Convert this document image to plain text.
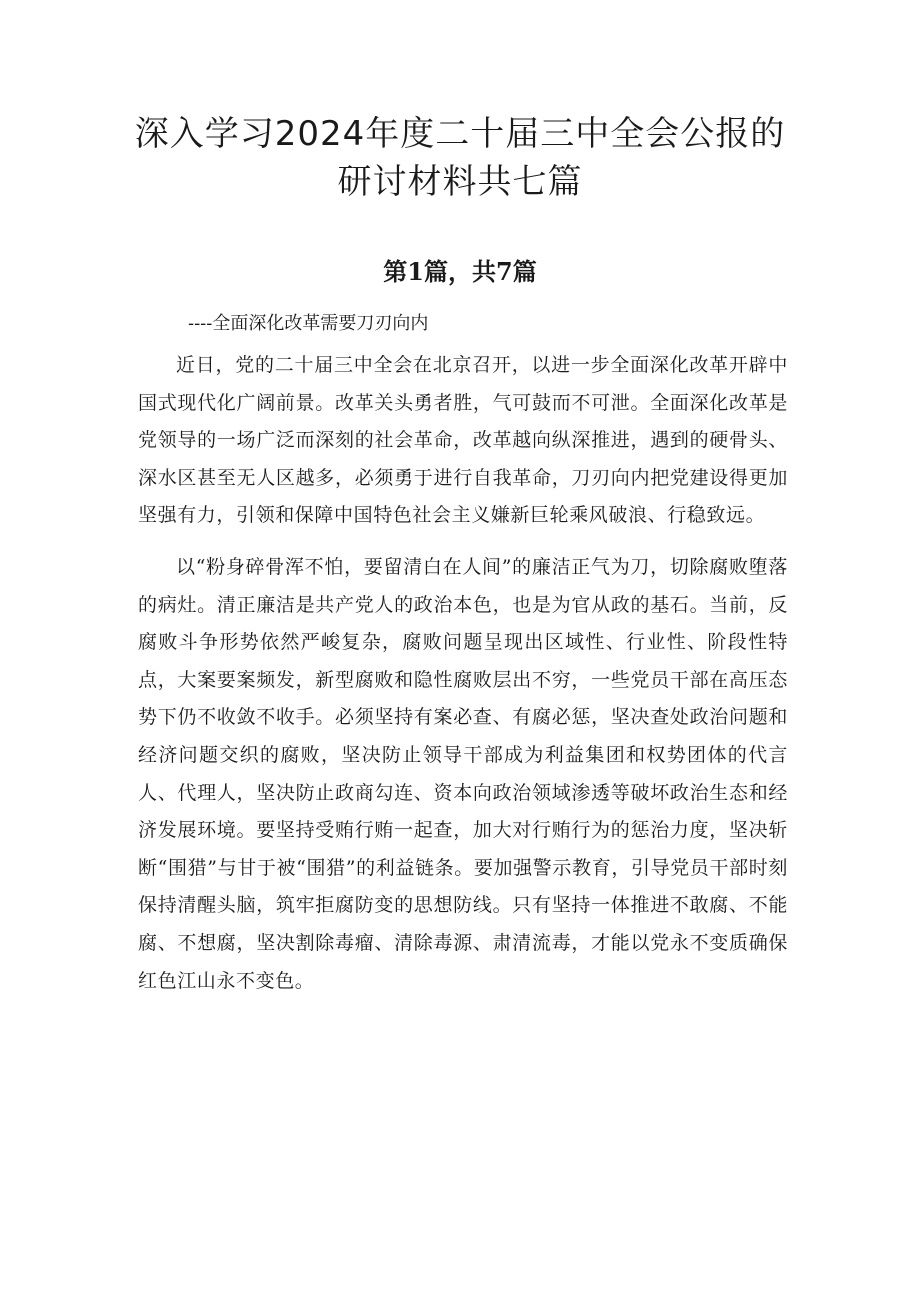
深入学习2024年度二十届三中全会公报的
研讨材料共七篇
第1篇，共7篇

----全面深化改革需要刀刃向内

近日，党的二十届三中全会在北京召开，以进一步全面深化改革开辟中国式现代化广阔前景。改革关头勇者胜，气可鼓而不可泄。全面深化改革是党领导的一场广泛而深刻的社会革命，改革越向纵深推进，遇到的硬骨头、深水区甚至无人区越多，必须勇于进行自我革命，刀刃向内把党建设得更加坚强有力，引领和保障中国特色社会主义嫌新巨轮乘风破浪、行稳致远。

以“粉身碎骨浑不怕，要留清白在人间”的廉洁正气为刀，切除腐败堕落的病灶。清正廉洁是共产党人的政治本色，也是为官从政的基石。当前，反腐败斗争形势依然严峻复杂，腐败问题呈现出区域性、行业性、阶段性特点，大案要案频发，新型腐败和隐性腐败层出不穷，一些党员干部在高压态势下仍不收敛不收手。必须坚持有案必查、有腐必惩，坚决查处政治问题和经济问题交织的腐败，坚决防止领导干部成为利益集团和权势团体的代言人、代理人，坚决防止政商勾连、资本向政治领域渗透等破坏政治生态和经济发展环境。要坚持受贿行贿一起查，加大对行贿行为的惩治力度，坚决斩断“围猎”与甘于被“围猎”的利益链条。要加强警示教育，引导党员干部时刻保持清醒头脑，筑牢拒腐防变的思想防线。只有坚持一体推进不敢腐、不能腐、不想腐，坚决割除毒瘤、清除毒源、肃清流毒，才能以党永不变质确保红色江山永不变色。
